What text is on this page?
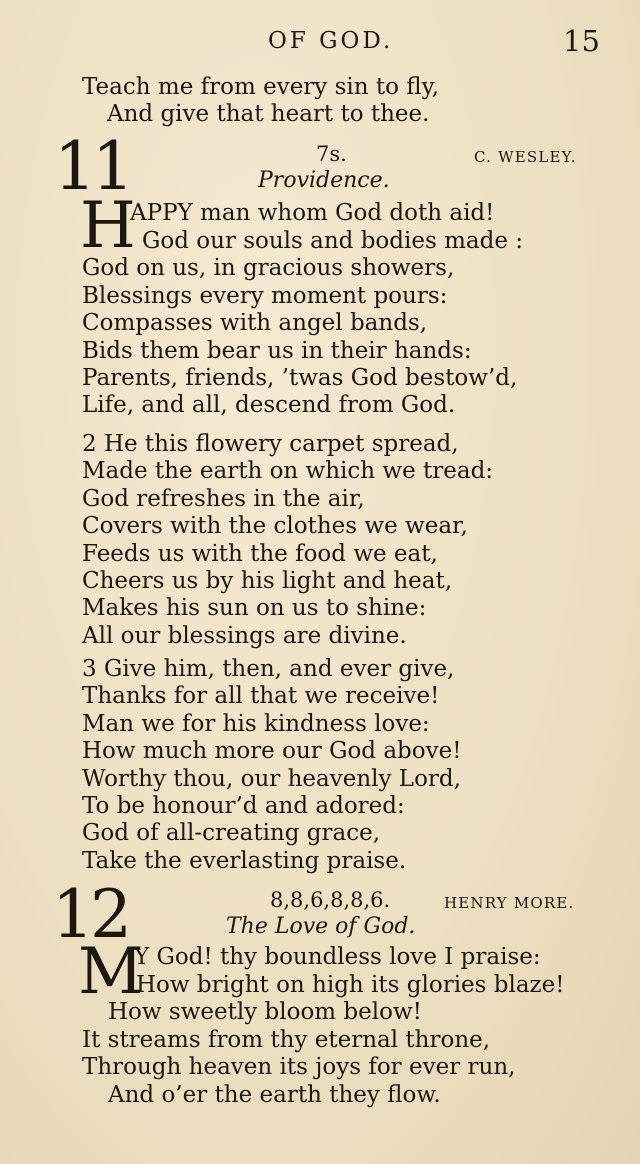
OF GOD.	15
Teach me from every sin to fly,
And give that heart to thee.
11	7s.	C. WESLEY.
Providence.
H
APPY man whom God doth aid!
God our souls and bodies made :
God on us, in gracious showers,
Blessings every moment pours:
Compasses with angel bands,
Bids them bear us in their hands:
Parents, friends, ’twas God bestow’d,
Life, and all, descend from God.
2 He this flowery carpet spread,
Made the earth on which we tread:
God refreshes in the air,
Covers with the clothes we wear,
Feeds us with the food we eat,
Cheers us by his light and heat,
Makes his sun on us to shine:
All our blessings are divine.
3 Give him, then, and ever give,
Thanks for all that we receive!
Man we for his kindness love:
How much more our God above!
Worthy thou, our heavenly Lord,
To be honour’d and adored:
God of all-creating grace,
Take the everlasting praise.
12	8,8,6,8,8,6.	HENRY MORE.
The Love of God.
M
Y God! thy boundless love I praise:
How bright on high its glories blaze!
How sweetly bloom below!
It streams from thy eternal throne,
Through heaven its joys for ever run,
And o’er the earth they flow.
